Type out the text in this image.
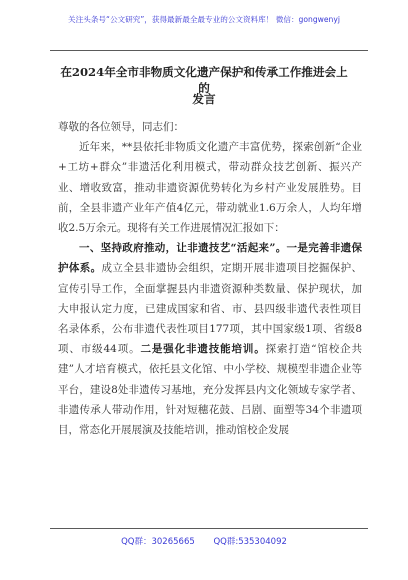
关注头条号“公文研究”，获得最新最全最专业的公文资料库！ 微信：gongwenyj
在2024年全市非物质文化遗产保护和传承工作推进会上的
发言

尊敬的各位领导，同志们：

近年来，**县依托非物质文化遗产丰富优势，探索创新“企业+工坊+群众”非遗活化利用模式，带动群众技艺创新、振兴产业、增收致富，推动非遗资源优势转化为乡村产业发展胜势。目前，全县非遗产业年产值4亿元，带动就业1.6万余人，人均年增收2.5万余元。现将有关工作进展情况汇报如下：

一、坚持政府推动，让非遗技艺“活起来”。一是完善非遗保护体系。成立全县非遗协会组织，定期开展非遗项目挖掘保护、宣传引导工作，全面掌握县内非遗资源种类数量、保护现状，加大申报认定力度，已建成国家和省、市、县四级非遗代表性项目名录体系，公布非遗代表性项目177项，其中国家级1项、省级8项、市级44项。二是强化非遗技能培训。探索打造“馆校企共建”人才培育模式，依托县文化馆、中小学校、规模型非遗企业等平台，建设8处非遗传习基地，充分发挥县内文化领域专家学者、非遗传承人带动作用，针对短穗花鼓、吕剧、面塑等34个非遗项目，常态化开展展演及技能培训，推动馆校企发展

QQ群：30265665 QQ群:535304092
